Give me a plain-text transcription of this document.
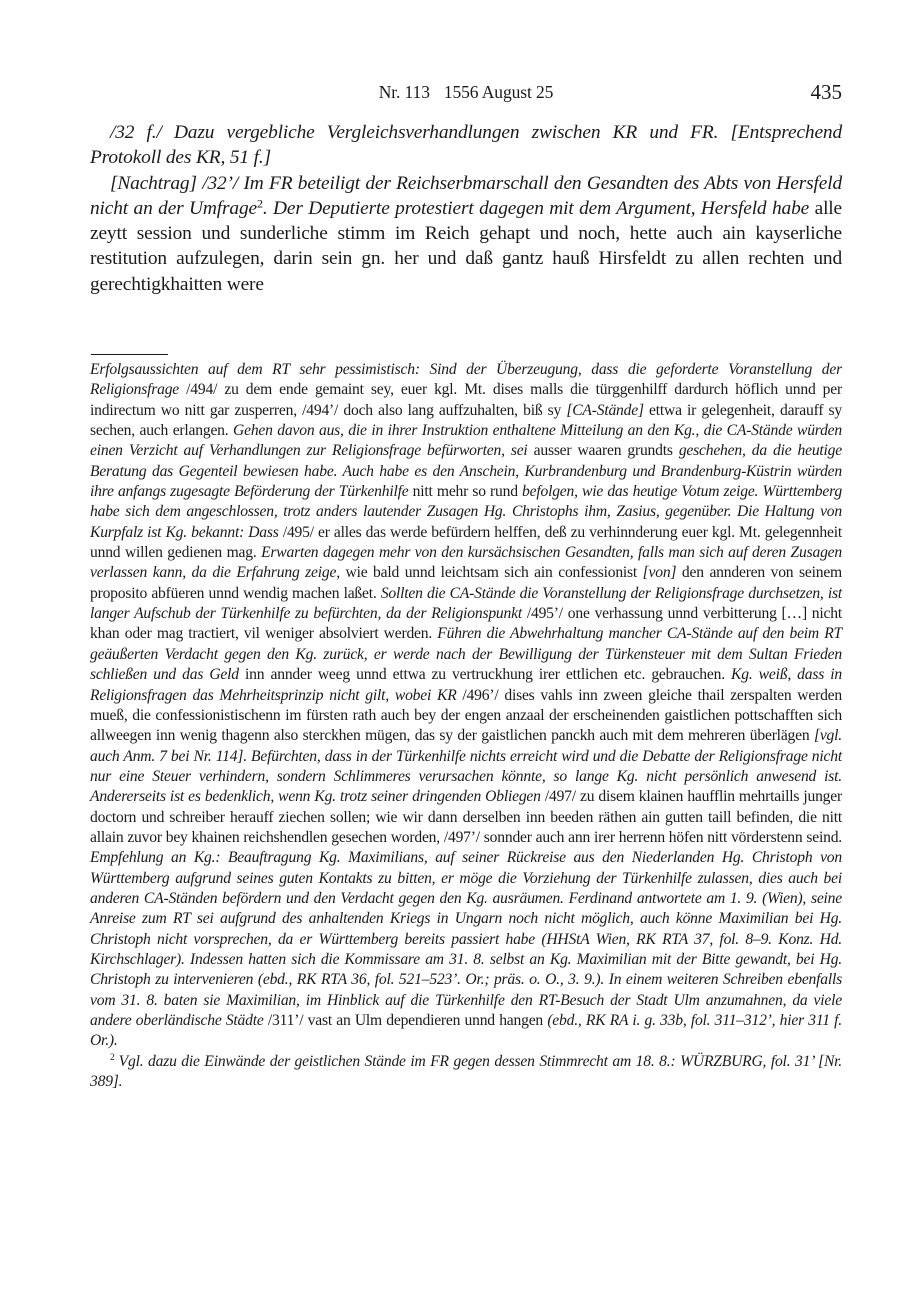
Nr. 113 1556 August 25	435

/32 f./ Dazu vergebliche Vergleichsverhandlungen zwischen KR und FR. [Entsprechend Protokoll des KR, 51 f.]

[Nachtrag] /32’/ Im FR beteiligt der Reichserbmarschall den Gesandten des Abts von Hersfeld nicht an der Umfrage$^2$. Der Deputierte protestiert dagegen mit dem Argument, Hersfeld habe alle zeytt session und sunderliche stimm im Reich gehapt und noch, hette auch ain kayserliche restitution aufzulegen, darin sein gn. her und daß gantz hauß Hirsfeldt zu allen rechten und gerechtigkhaitten were

Erfolgsaussichten auf dem RT sehr pessimistisch: Sind der Überzeugung, dass die geforderte Voranstellung der Religionsfrage /494/ zu dem ende gemaint sey, euer kgl. Mt. dises malls die türggenhilff dardurch höflich unnd per indirectum wo nitt gar zusperren, /494’/ doch also lang auffzuhalten, biß sy [CA-Stände] ettwa ir gelegenheit, darauff sy sechen, auch erlangen. Gehen davon aus, die in ihrer Instruktion enthaltene Mitteilung an den Kg., die CA-Stände würden einen Verzicht auf Verhandlungen zur Religionsfrage befürworten, sei ausser waaren grundts geschehen, da die heutige Beratung das Gegenteil bewiesen habe. Auch habe es den Anschein, Kurbrandenburg und Brandenburg-Küstrin würden ihre anfangs zugesagte Beförderung der Türkenhilfe nitt mehr so rund befolgen, wie das heutige Votum zeige. Württemberg habe sich dem angeschlossen, trotz anders lautender Zusagen Hg. Christophs ihm, Zasius, gegenüber. Die Haltung von Kurpfalz ist Kg. bekannt: Dass /495/ er alles das werde befürdern helffen, deß zu verhinnderung euer kgl. Mt. gelegennheit unnd willen gedienen mag. Erwarten dagegen mehr von den kursächsischen Gesandten, falls man sich auf deren Zusagen verlassen kann, da die Erfahrung zeige, wie bald unnd leichtsam sich ain confessionist [von] den annderen von seinem proposito abfüeren unnd wendig machen laßet. Sollten die CA-Stände die Voranstellung der Religionsfrage durchsetzen, ist langer Aufschub der Türkenhilfe zu befürchten, da der Religionspunkt /495’/ one verhassung unnd verbitterung […] nicht khan oder mag tractiert, vil weniger absolviert werden. Führen die Abwehrhaltung mancher CA-Stände auf den beim RT geäußerten Verdacht gegen den Kg. zurück, er werde nach der Bewilligung der Türkensteuer mit dem Sultan Frieden schließen und das Geld inn annder weeg unnd ettwa zu vertruckhung irer ettlichen etc. gebrauchen. Kg. weiß, dass in Religionsfragen das Mehrheitsprinzip nicht gilt, wobei KR /496’/ dises vahls inn zween gleiche thail zerspalten werden mueß, die confessionistischenn im fürsten rath auch bey der engen anzaal der erscheinenden gaistlichen pottschafften sich allweegen inn wenig thagenn also sterckhen mügen, das sy der gaistlichen panckh auch mit dem mehreren überlägen [vgl. auch Anm. 7 bei Nr. 114]. Befürchten, dass in der Türkenhilfe nichts erreicht wird und die Debatte der Religionsfrage nicht nur eine Steuer verhindern, sondern Schlimmeres verursachen könnte, so lange Kg. nicht persönlich anwesend ist. Andererseits ist es bedenklich, wenn Kg. trotz seiner dringenden Obliegen /497/ zu disem klainen haufflin mehrtaills junger doctorn und schreiber herauff ziechen sollen; wie wir dann derselben inn beeden räthen ain gutten taill befinden, die nitt allain zuvor bey khainen reichshendlen gesechen worden, /497’/ sonnder auch ann irer herrenn höfen nitt vörderstenn seind. Empfehlung an Kg.: Beauftragung Kg. Maximilians, auf seiner Rückreise aus den Niederlanden Hg. Christoph von Württemberg aufgrund seines guten Kontakts zu bitten, er möge die Vorziehung der Türkenhilfe zulassen, dies auch bei anderen CA-Ständen befördern und den Verdacht gegen den Kg. ausräumen. Ferdinand antwortete am 1. 9. (Wien), seine Anreise zum RT sei aufgrund des anhaltenden Kriegs in Ungarn noch nicht möglich, auch könne Maximilian bei Hg. Christoph nicht vorsprechen, da er Württemberg bereits passiert habe (HHStA Wien, RK RTA 37, fol. 8–9. Konz. Hd. Kirchschlager). Indessen hatten sich die Kommissare am 31. 8. selbst an Kg. Maximilian mit der Bitte gewandt, bei Hg. Christoph zu intervenieren (ebd., RK RTA 36, fol. 521–523’. Or.; präs. o. O., 3. 9.). In einem weiteren Schreiben ebenfalls vom 31. 8. baten sie Maximilian, im Hinblick auf die Türkenhilfe den RT-Besuch der Stadt Ulm anzumahnen, da viele andere oberländische Städte /311’/ vast an Ulm dependieren unnd hangen (ebd., RK RA i. g. 33b, fol. 311–312’, hier 311 f. Or.).

$^2$ Vgl. dazu die Einwände der geistlichen Stände im FR gegen dessen Stimmrecht am 18. 8.: WÜRZBURG, fol. 31’ [Nr. 389].
